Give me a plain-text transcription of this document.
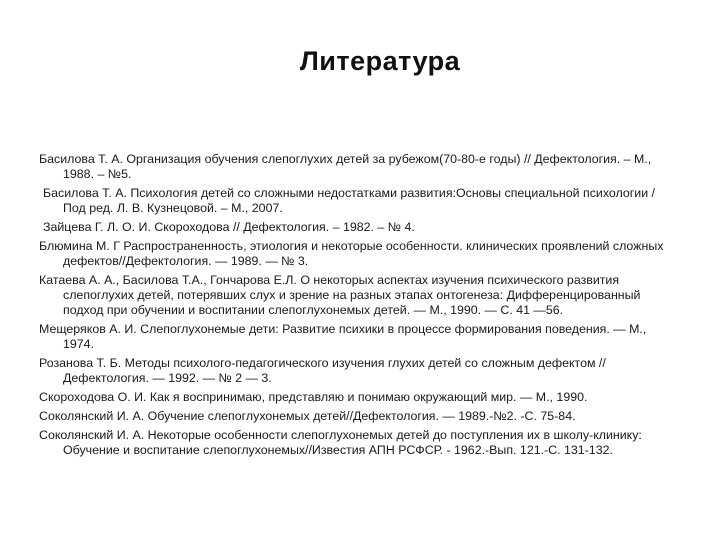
Литература
Басилова Т. А. Организация обучения слепоглухих детей за рубежом(70-80-е годы) // Дефектология. – М., 1988. – №5.
Басилова Т. А. Психология детей со сложными недостатками развития:Основы специальной психологии / Под ред. Л. В. Кузнецовой. – М., 2007.
Зайцева Г. Л. О. И. Скороходова // Дефектология. – 1982. – № 4.
Блюмина М. Г Распространенность, этиология и некоторые особенности. клинических проявлений сложных дефектов//Дефектология. — 1989. — № 3.
Катаева А. А., Басилова Т.А., Гончарова Е.Л. О некоторых аспектах изучения психического развития слепоглухих детей, потерявших слух и зрение на разных этапах онтогенеза: Дифференцированный подход при обучении и воспитании слепоглухонемых детей. — М., 1990. — С. 41 —56.
Мещеряков А. И. Слепоглухонемые дети: Развитие психики в процессе формирования поведения. — М., 1974.
Розанова Т. Б. Методы психолого-педагогического изучения глухих детей со сложным дефектом // Дефектология. — 1992. — № 2 — 3.
Скороходова О. И. Как я воспринимаю, представляю и понимаю окружающий мир. — М., 1990.
Соколянский И. А. Обучение слепоглухонемых детей//Дефектология. — 1989.-№2. -С. 75-84.
Соколянский И. А. Некоторые особенности слепоглухонемых детей до поступления их в школу-клинику: Обучение и воспитание слепоглухонемых//Известия АПН РСФСР. - 1962.-Вып. 121.-С. 131-132.
